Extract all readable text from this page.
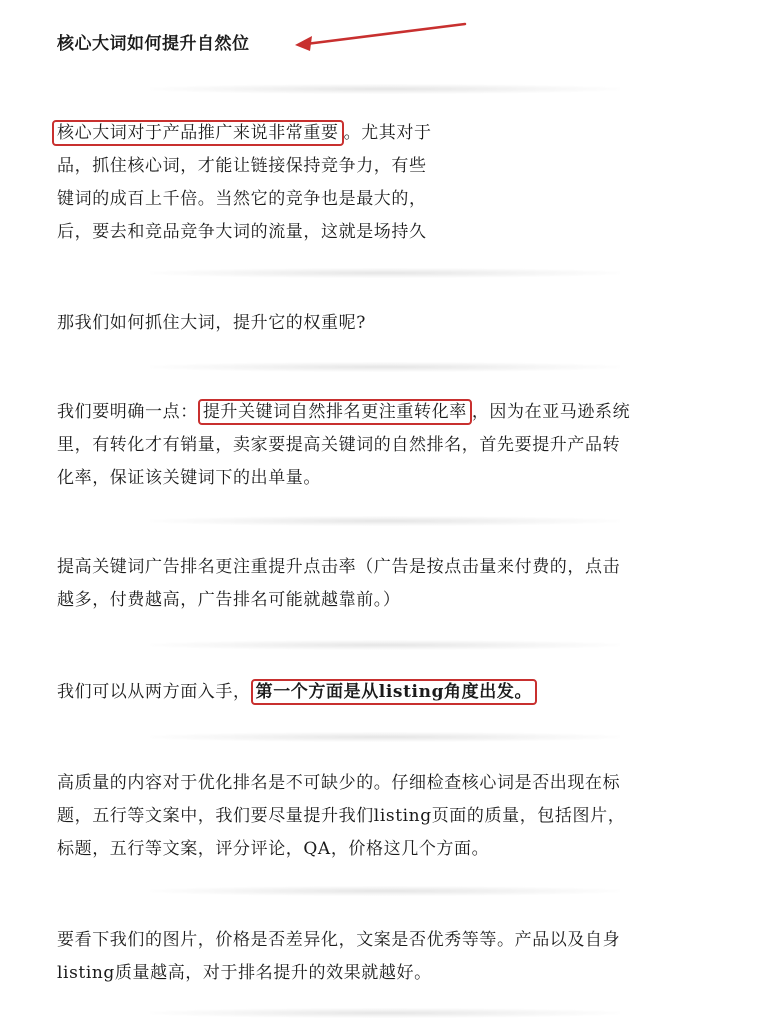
核心大词如何提升自然位
核心大词对于产品推广来说非常重要 。尤其对于
品，抓住核心词，才能让链接保持竞争力，有些
键词的成百上千倍。当然它的竞争也是最大的，
后，要去和竞品竞争大词的流量，这就是场持久
那我们如何抓住大词，提升它的权重呢?
我们要明确一点： 提升关键词自然排名更注重转化率 ，因为在亚马逊系统
里，有转化才有销量，卖家要提高关键词的自然排名，首先要提升产品转
化率，保证该关键词下的出单量。
提高关键词广告排名更注重提升点击率（广告是按点击量来付费的，点击
越多，付费越高，广告排名可能就越靠前。）
我们可以从两方面入手， 第一个方面是从listing角度出发。
高质量的内容对于优化排名是不可缺少的。仔细检查核心词是否出现在标
题，五行等文案中，我们要尽量提升我们listing页面的质量，包括图片，
标题，五行等文案，评分评论，QA，价格这几个方面。
要看下我们的图片，价格是否差异化，文案是否优秀等等。产品以及自身
listing质量越高，对于排名提升的效果就越好。
